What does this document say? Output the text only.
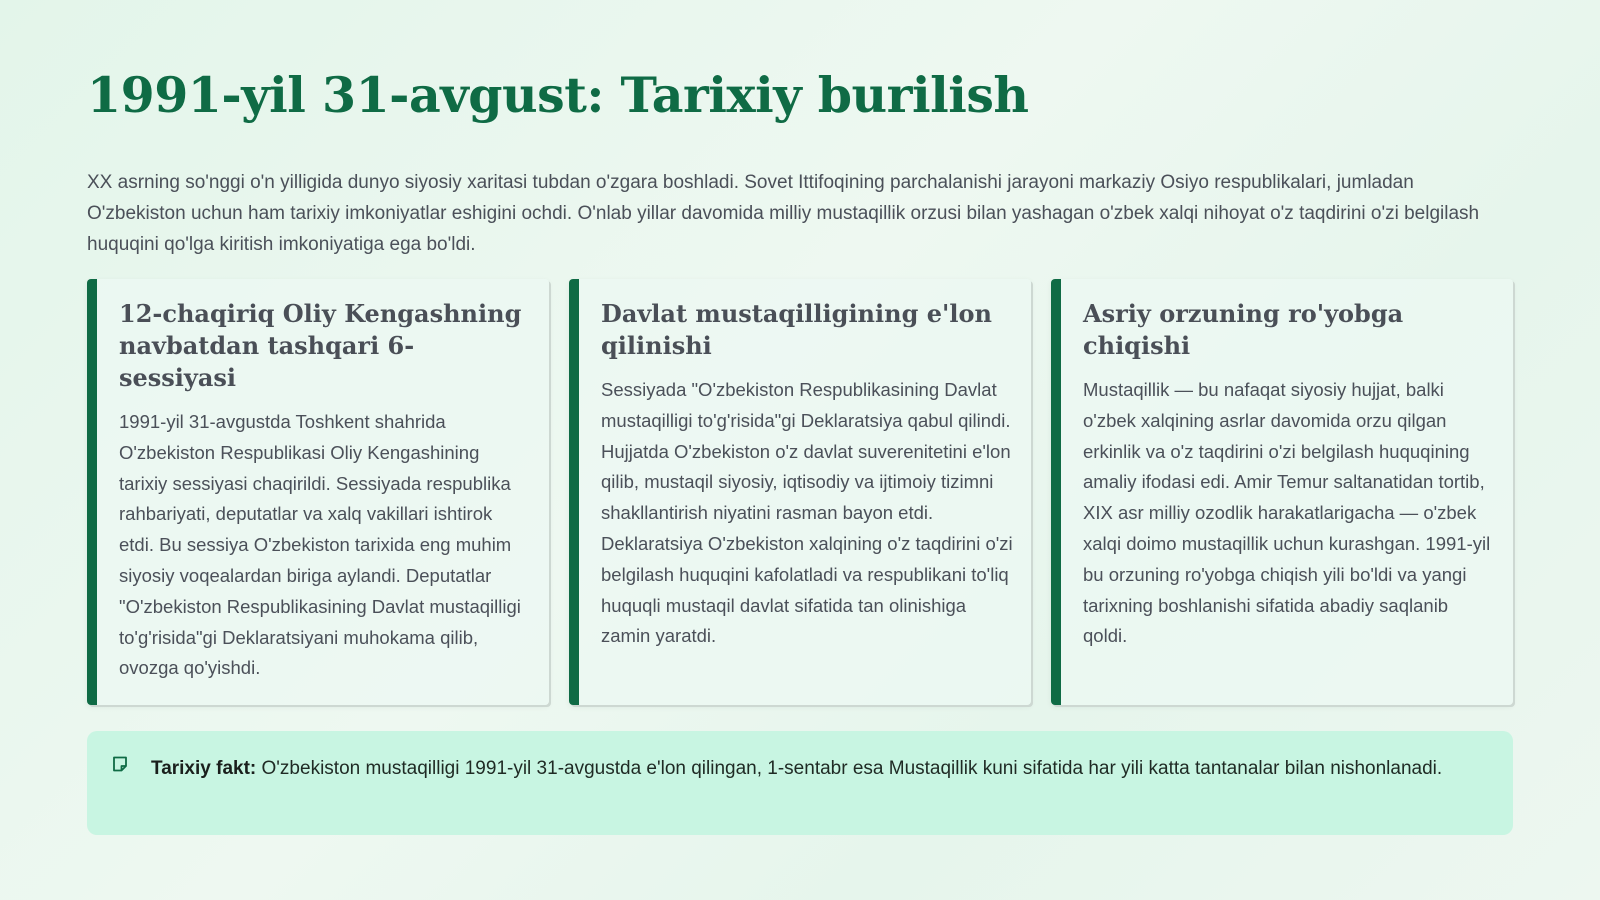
1991-yil 31-avgust: Tarixiy burilish

XX asrning so'nggi o'n yilligida dunyo siyosiy xaritasi tubdan o'zgara boshladi. Sovet Ittifoqining parchalanishi jarayoni markaziy Osiyo respublikalari, jumladan O'zbekiston uchun ham tarixiy imkoniyatlar eshigini ochdi. O'nlab yillar davomida milliy mustaqillik orzusi bilan yashagan o'zbek xalqi nihoyat o'z taqdirini o'zi belgilash huquqini qo'lga kiritish imkoniyatiga ega bo'ldi.

12-chaqiriq Oliy Kengashning navbatdan tashqari 6-sessiyasi

1991-yil 31-avgustda Toshkent shahrida O'zbekiston Respublikasi Oliy Kengashining tarixiy sessiyasi chaqirildi. Sessiyada respublika rahbariyati, deputatlar va xalq vakillari ishtirok etdi. Bu sessiya O'zbekiston tarixida eng muhim siyosiy voqealardan biriga aylandi. Deputatlar "O'zbekiston Respublikasining Davlat mustaqilligi to'g'risida"gi Deklaratsiyani muhokama qilib, ovozga qo'yishdi.

Davlat mustaqilligining e'lon qilinishi

Sessiyada "O'zbekiston Respublikasining Davlat mustaqilligi to'g'risida"gi Deklaratsiya qabul qilindi. Hujjatda O'zbekiston o'z davlat suverenitetini e'lon qilib, mustaqil siyosiy, iqtisodiy va ijtimoiy tizimni shakllantirish niyatini rasman bayon etdi. Deklaratsiya O'zbekiston xalqining o'z taqdirini o'zi belgilash huquqini kafolatladi va respublikani to'liq huquqli mustaqil davlat sifatida tan olinishiga zamin yaratdi.

Asriy orzuning ro'yobga chiqishi

Mustaqillik — bu nafaqat siyosiy hujjat, balki o'zbek xalqining asrlar davomida orzu qilgan erkinlik va o'z taqdirini o'zi belgilash huquqining amaliy ifodasi edi. Amir Temur saltanatidan tortib, XIX asr milliy ozodlik harakatlarigacha — o'zbek xalqi doimo mustaqillik uchun kurashgan. 1991-yil bu orzuning ro'yobga chiqish yili bo'ldi va yangi tarixning boshlanishi sifatida abadiy saqlanib qoldi.

Tarixiy fakt: O'zbekiston mustaqilligi 1991-yil 31-avgustda e'lon qilingan, 1-sentabr esa Mustaqillik kuni sifatida har yili katta tantanalar bilan nishonlanadi.
